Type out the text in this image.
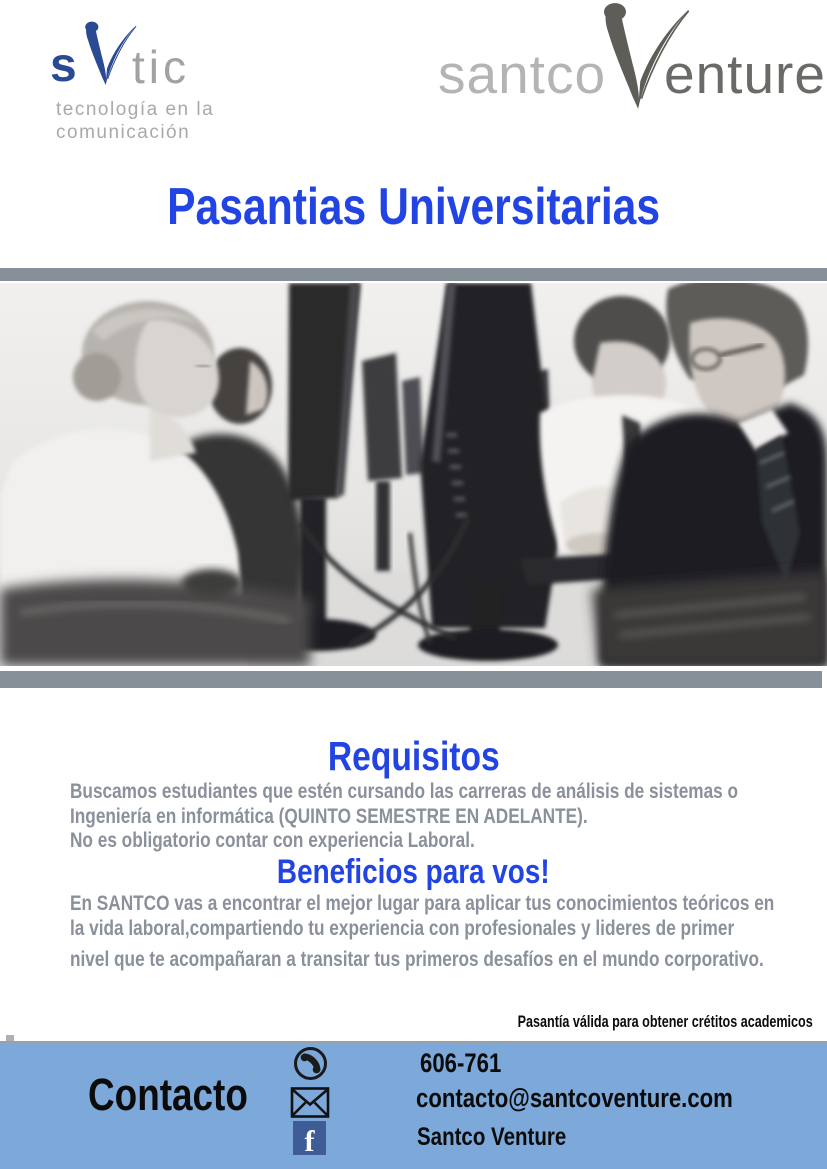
s tic
tecnología en la
comunicación
santco enture
Pasantias Universitarias
Requisitos
Buscamos estudiantes que estén cursando las carreras de análisis de sistemas o
Ingeniería en informática (QUINTO SEMESTRE EN ADELANTE).
No es obligatorio contar con experiencia Laboral.
Beneficios para vos!
En SANTCO vas a encontrar el mejor lugar para aplicar tus conocimientos teóricos en
la vida laboral,compartiendo tu experiencia con profesionales y lideres de primer
nivel que te acompañaran a transitar tus primeros desafíos en el mundo corporativo.
Pasantía válida para obtener crétitos academicos
Contacto
606-761
contacto@santcoventure.com
f	Santco Venture
